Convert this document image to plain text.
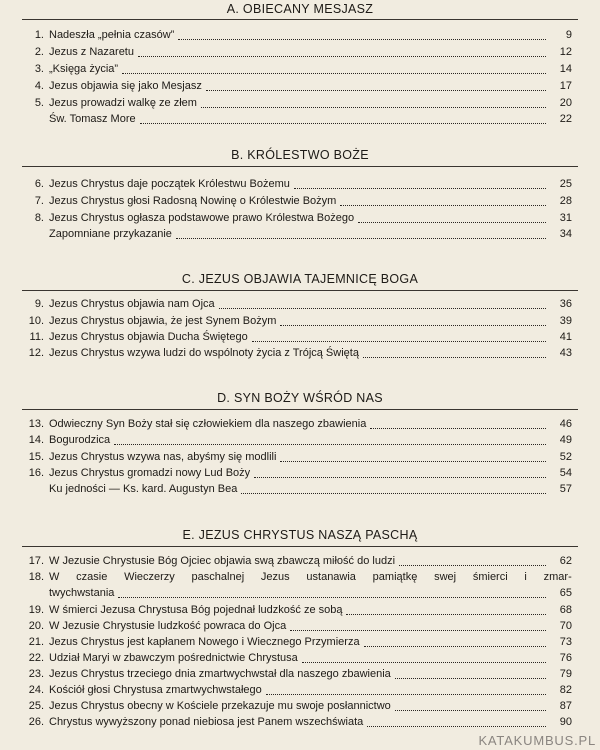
A. OBIECANY MESJASZ
1. Nadeszła „pełnia czasów”	9
2. Jezus z Nazaretu	12
3. „Księga życia”	14
4. Jezus objawia się jako Mesjasz	17
5. Jezus prowadzi walkę ze złem	20
Św. Tomasz More	22
B. KRÓLESTWO BOŻE
6. Jezus Chrystus daje początek Królestwu Bożemu	25
7. Jezus Chrystus głosi Radosną Nowinę o Królestwie Bożym	28
8. Jezus Chrystus ogłasza podstawowe prawo Królestwa Bożego	31
Zapomniane przykazanie	34
C. JEZUS OBJAWIA TAJEMNICĘ BOGA
9. Jezus Chrystus objawia nam Ojca	36
10. Jezus Chrystus objawia, że jest Synem Bożym	39
11. Jezus Chrystus objawia Ducha Świętego	41
12. Jezus Chrystus wzywa ludzi do wspólnoty życia z Trójcą Świętą	43
D. SYN BOŻY WŚRÓD NAS
13. Odwieczny Syn Boży stał się człowiekiem dla naszego zbawienia	46
14. Bogurodzica	49
15. Jezus Chrystus wzywa nas, abyśmy się modlili	52
16. Jezus Chrystus gromadzi nowy Lud Boży	54
Ku jedności — Ks. kard. Augustyn Bea	57
E. JEZUS CHRYSTUS NASZĄ PASCHĄ
17. W Jezusie Chrystusie Bóg Ojciec objawia swą zbawczą miłość do ludzi	62
18. W czasie Wieczerzy paschalnej Jezus ustanawia pamiątkę swej śmierci i zmar-
twychwstania	65
19. W śmierci Jezusa Chrystusa Bóg pojednał ludzkość ze sobą	68
20. W Jezusie Chrystusie ludzkość powraca do Ojca	70
21. Jezus Chrystus jest kapłanem Nowego i Wiecznego Przymierza	73
22. Udział Maryi w zbawczym pośrednictwie Chrystusa	76
23. Jezus Chrystus trzeciego dnia zmartwychwstał dla naszego zbawienia	79
24. Kościół głosi Chrystusa zmartwychwstałego	82
25. Jezus Chrystus obecny w Kościele przekazuje mu swoje posłannictwo	87
26. Chrystus wywyższony ponad niebiosa jest Panem wszechświata	90
KATAKUMBUS.PL
